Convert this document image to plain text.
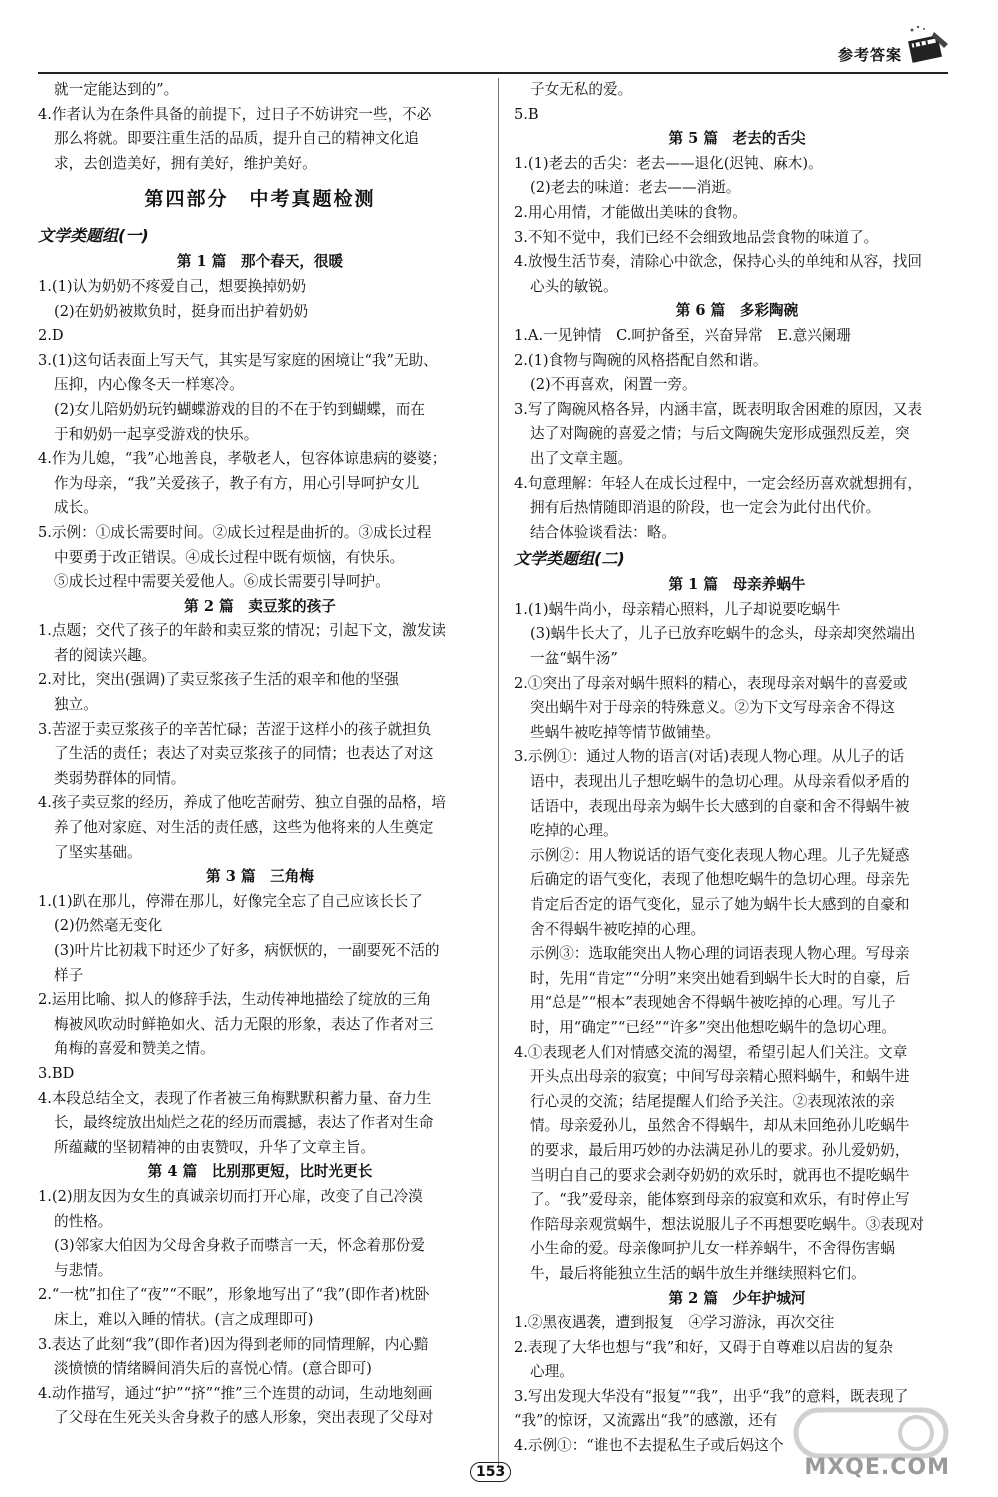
参考答案
就一定能达到的”。
4.作者认为在条件具备的前提下，过日子不妨讲究一些，不必
那么将就。即要注重生活的品质，提升自己的精神文化追
求，去创造美好，拥有美好，维护美好。
第四部分　中考真题检测
文学类题组(一)
第 1 篇　那个春天，很暖
1.(1)认为奶奶不疼爱自己，想要换掉奶奶
(2)在奶奶被欺负时，挺身而出护着奶奶
2.D
3.(1)这句话表面上写天气，其实是写家庭的困境让“我”无助、
压抑，内心像冬天一样寒冷。
(2)女儿陪奶奶玩钓蝴蝶游戏的目的不在于钓到蝴蝶，而在
于和奶奶一起享受游戏的快乐。
4.作为儿媳，“我”心地善良，孝敬老人，包容体谅患病的婆婆；
作为母亲，“我”关爱孩子，教子有方，用心引导呵护女儿
成长。
5.示例：①成长需要时间。②成长过程是曲折的。③成长过程
中要勇于改正错误。④成长过程中既有烦恼，有快乐。
⑤成长过程中需要关爱他人。⑥成长需要引导呵护。
第 2 篇　卖豆浆的孩子
1.点题；交代了孩子的年龄和卖豆浆的情况；引起下文，激发读
者的阅读兴趣。
2.对比，突出(强调)了卖豆浆孩子生活的艰辛和他的坚强
独立。
3.苦涩于卖豆浆孩子的辛苦忙碌；苦涩于这样小的孩子就担负
了生活的责任；表达了对卖豆浆孩子的同情；也表达了对这
类弱势群体的同情。
4.孩子卖豆浆的经历，养成了他吃苦耐劳、独立自强的品格，培
养了他对家庭、对生活的责任感，这些为他将来的人生奠定
了坚实基础。
第 3 篇　三角梅
1.(1)趴在那儿，停滞在那儿，好像完全忘了自己应该长长了
(2)仍然毫无变化
(3)叶片比初栽下时还少了好多，病恹恹的，一副要死不活的
样子
2.运用比喻、拟人的修辞手法，生动传神地描绘了绽放的三角
梅被风吹动时鲜艳如火、活力无限的形象，表达了作者对三
角梅的喜爱和赞美之情。
3.BD
4.本段总结全文，表现了作者被三角梅默默积蓄力量、奋力生
长，最终绽放出灿烂之花的经历而震撼，表达了作者对生命
所蕴藏的坚韧精神的由衷赞叹，升华了文章主旨。
第 4 篇　比别那更短，比时光更长
1.(2)朋友因为女生的真诚亲切而打开心扉，改变了自己冷漠
的性格。
(3)邻家大伯因为父母舍身救子而噤言一天，怀念着那份爱
与悲情。
2.“一枕”扣住了“夜”“不眠”，形象地写出了“我”(即作者)枕卧
床上，难以入睡的情状。(言之成理即可)
3.表达了此刻“我”(即作者)因为得到老师的同情理解，内心黯
淡愤愤的情绪瞬间消失后的喜悦心情。(意合即可)
4.动作描写，通过“护”“挤”“推”三个连贯的动词，生动地刻画
了父母在生死关头舍身救子的感人形象，突出表现了父母对
子女无私的爱。
5.B
第 5 篇　老去的舌尖
1.(1)老去的舌尖：老去——退化(迟钝、麻木)。
(2)老去的味道：老去——消逝。
2.用心用情，才能做出美味的食物。
3.不知不觉中，我们已经不会细致地品尝食物的味道了。
4.放慢生活节奏，清除心中欲念，保持心头的单纯和从容，找回
心头的敏锐。
第 6 篇　多彩陶碗
1.A.一见钟情　C.呵护备至，兴奋异常　E.意兴阑珊
2.(1)食物与陶碗的风格搭配自然和谐。
(2)不再喜欢，闲置一旁。
3.写了陶碗风格各异，内涵丰富，既表明取舍困难的原因，又表
达了对陶碗的喜爱之情；与后文陶碗失宠形成强烈反差，突
出了文章主题。
4.句意理解：年轻人在成长过程中，一定会经历喜欢就想拥有，
拥有后热情随即消退的阶段，也一定会为此付出代价。
结合体验谈看法：略。
文学类题组(二)
第 1 篇　母亲养蜗牛
1.(1)蜗牛尚小，母亲精心照料，儿子却说要吃蜗牛
(3)蜗牛长大了，儿子已放弃吃蜗牛的念头，母亲却突然端出
一盆“蜗牛汤”
2.①突出了母亲对蜗牛照料的精心，表现母亲对蜗牛的喜爱或
突出蜗牛对于母亲的特殊意义。②为下文写母亲舍不得这
些蜗牛被吃掉等情节做铺垫。
3.示例①：通过人物的语言(对话)表现人物心理。从儿子的话
语中，表现出儿子想吃蜗牛的急切心理。从母亲看似矛盾的
话语中，表现出母亲为蜗牛长大感到的自豪和舍不得蜗牛被
吃掉的心理。
示例②：用人物说话的语气变化表现人物心理。儿子先疑惑
后确定的语气变化，表现了他想吃蜗牛的急切心理。母亲先
肯定后否定的语气变化，显示了她为蜗牛长大感到的自豪和
舍不得蜗牛被吃掉的心理。
示例③：选取能突出人物心理的词语表现人物心理。写母亲
时，先用“肯定”“分明”来突出她看到蜗牛长大时的自豪，后
用“总是”“根本”表现她舍不得蜗牛被吃掉的心理。写儿子
时，用“确定”“已经”“许多”突出他想吃蜗牛的急切心理。
4.①表现老人们对情感交流的渴望，希望引起人们关注。文章
开头点出母亲的寂寞；中间写母亲精心照料蜗牛，和蜗牛进
行心灵的交流；结尾提醒人们给予关注。②表现浓浓的亲
情。母亲爱孙儿，虽然舍不得蜗牛，却从未回绝孙儿吃蜗牛
的要求，最后用巧妙的办法满足孙儿的要求。孙儿爱奶奶，
当明白自己的要求会剥夺奶奶的欢乐时，就再也不提吃蜗牛
了。“我”爱母亲，能体察到母亲的寂寞和欢乐，有时停止写
作陪母亲观赏蜗牛，想法说服儿子不再想要吃蜗牛。③表现对
小生命的爱。母亲像呵护儿女一样养蜗牛，不舍得伤害蜗
牛，最后将能独立生活的蜗牛放生并继续照料它们。
第 2 篇　少年护城河
1.②黑夜遇袭，遭到报复　④学习游泳，再次交往
2.表现了大华也想与“我”和好，又碍于自尊难以启齿的复杂
心理。
3.写出发现大华没有“报复”“我”，出乎“我”的意料，既表现了
“我”的惊讶，又流露出“我”的感激，还有
4.示例①：“谁也不去提私生子或后妈这个
153	MXQE.COM
